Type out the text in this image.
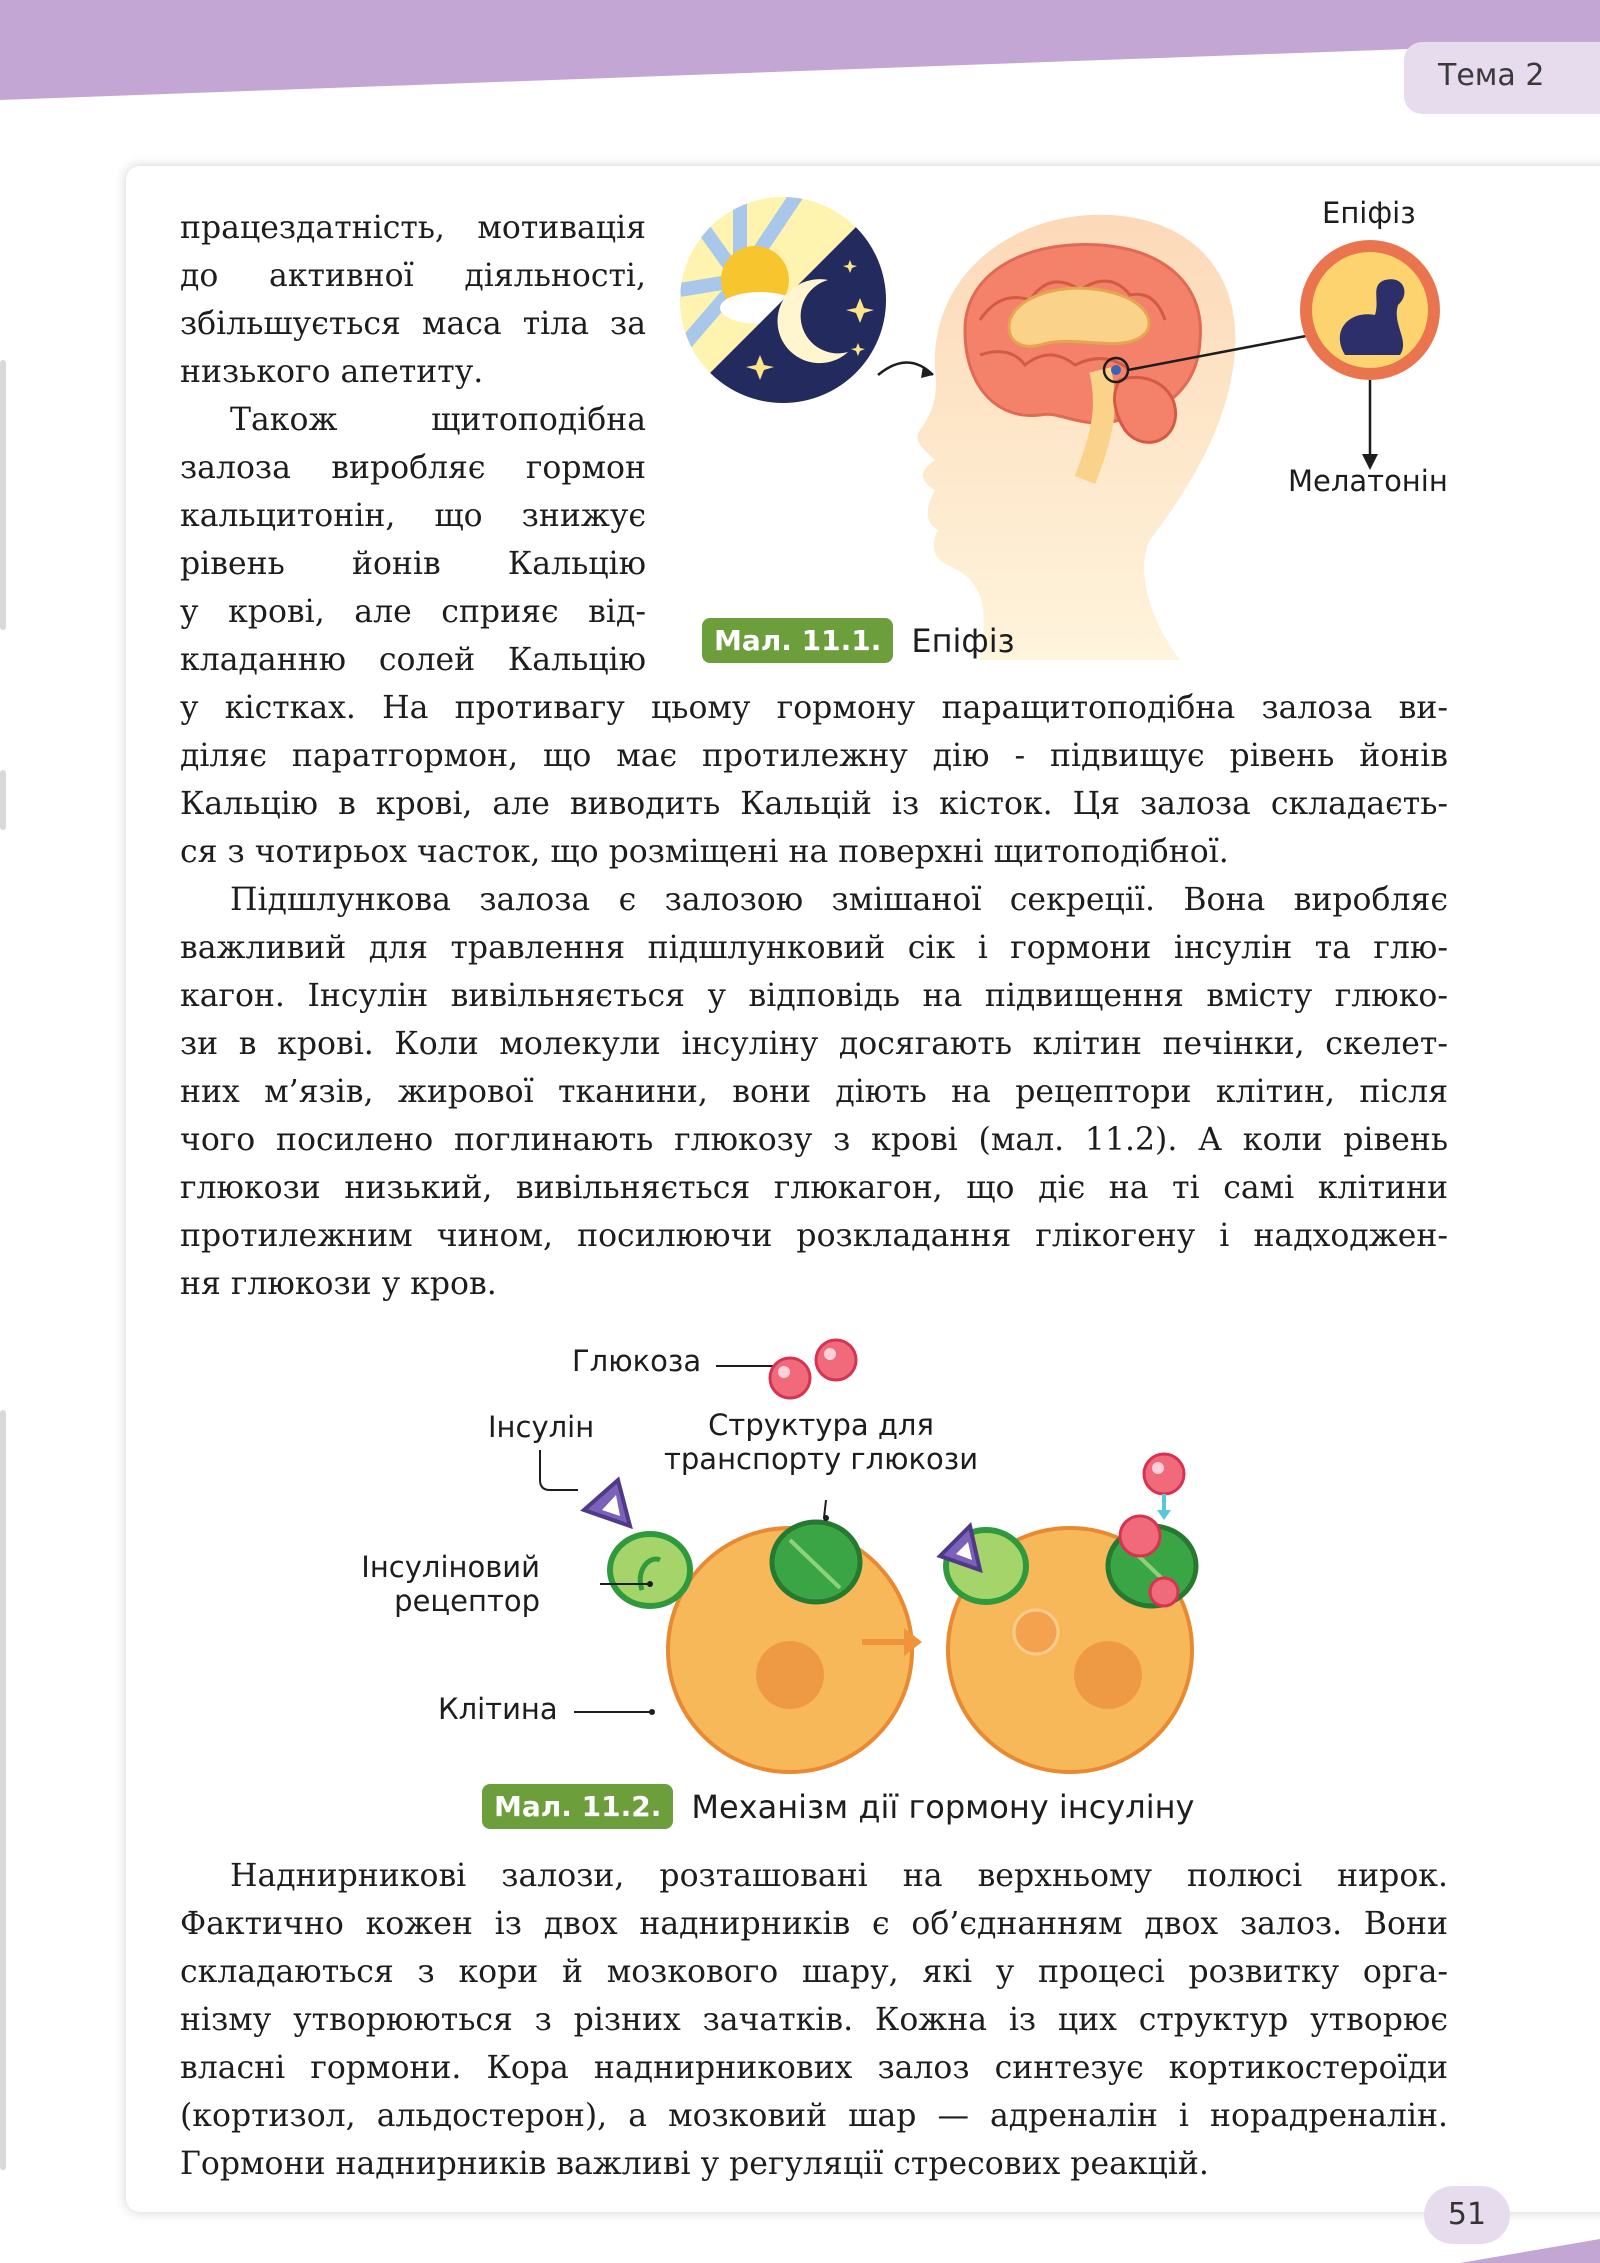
Тема 2
працездатність, мотивація
до активної діяльності,
збільшується маса тіла за
низького апетиту.
Також щитоподібна
залоза виробляє гормон
кальцитонін, що знижує
рівень йонів Кальцію
у крові, але сприяє від-
кладанню солей Кальцію
у кістках. На противагу цьому гормону паращитоподібна залоза ви-
діляє паратгормон, що має протилежну дію - підвищує рівень йонів
Кальцію в крові, але виводить Кальцій із кісток. Ця залоза складаєть-
ся з чотирьох часток, що розміщені на поверхні щитоподібної.
Підшлункова залоза є залозою змішаної секреції. Вона виробляє
важливий для травлення підшлунковий сік і гормони інсулін та глю-
кагон. Інсулін вивільняється у відповідь на підвищення вмісту глюко-
зи в крові. Коли молекули інсуліну досягають клітин печінки, скелет-
них м’язів, жирової тканини, вони діють на рецептори клітин, після
чого посилено поглинають глюкозу з крові (мал. 11.2). А коли рівень
глюкози низький, вивільняється глюкагон, що діє на ті самі клітини
протилежним чином, посилюючи розкладання глікогену і надходжен-
ня глюкози у кров.
Наднирникові залози, розташовані на верхньому полюсі нирок.
Фактично кожен із двох наднирників є об’єднанням двох залоз. Вони
складаються з кори й мозкового шару, які у процесі розвитку орга-
нізму утворюються з різних зачатків. Кожна із цих структур утворює
власні гормони. Кора наднирникових залоз синтезує кортикостероїди
(кортизол, альдостерон), а мозковий шар — адреналін і норадреналін.
Гормони наднирників важливі у регуляції стресових реакцій.
Епіфіз
Мелатонін
Мал. 11.1. Епіфіз
Глюкоза
Інсулін	Структура для
транспорту глюкози
Інсуліновий
рецептор
Клітина
Мал. 11.2. Механізм дії гормону інсуліну
51
